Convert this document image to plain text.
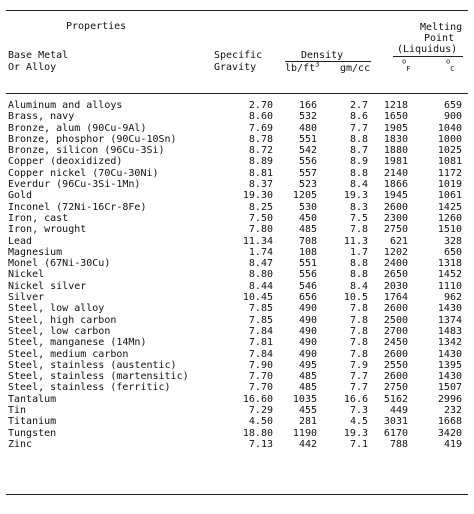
Properties
Base Metal
Or Alloy
Specific
Gravity
Density
$lb/ft^3$ gm/cc
Melting
Point
(Liquidus)
$^o_F$
$^o_C$
Aluminum and alloys	2.70	166	2.7	1218	659
Brass, navy	8.60	532	8.6	1650	900
Bronze, alum (90Cu-9Al)	7.69	480	7.7	1905	1040
Bronze, phosphor (90Cu-10Sn)	8.78	551	8.8	1830	1000
Bronze, silicon (96Cu-3Si)	8.72	542	8.7	1880	1025
Copper (deoxidized)	8.89	556	8.9	1981	1081
Copper nickel (70Cu-30Ni)	8.81	557	8.8	2140	1172
Everdur (96Cu-3Si-1Mn)	8.37	523	8.4	1866	1019
Gold	19.30	1205	19.3	1945	1061
Inconel (72Ni-16Cr-8Fe)	8.25	530	8.3	2600	1425
Iron, cast	7.50	450	7.5	2300	1260
Iron, wrought	7.80	485	7.8	2750	1510
Lead	11.34	708	11.3	621	328
Magnesium	1.74	108	1.7	1202	650
Monel (67Ni-30Cu)	8.47	551	8.8	2400	1318
Nickel	8.80	556	8.8	2650	1452
Nickel silver	8.44	546	8.4	2030	1110
Silver	10.45	656	10.5	1764	962
Steel, low alloy	7.85	490	7.8	2600	1430
Steel, high carbon	7.85	490	7.8	2500	1374
Steel, low carbon	7.84	490	7.8	2700	1483
Steel, manganese (14Mn)	7.81	490	7.8	2450	1342
Steel, medium carbon	7.84	490	7.8	2600	1430
Steel, stainless (austentic)	7.90	495	7.9	2550	1395
Steel, stainless (martensitic)	7.70	485	7.7	2600	1430
Steel, stainless (ferritic)	7.70	485	7.7	2750	1507
Tantalum	16.60	1035	16.6	5162	2996
Tin	7.29	455	7.3	449	232
Titanium	4.50	281	4.5	3031	1668
Tungsten	18.80	1190	19.3	6170	3420
Zinc	7.13	442	7.1	788	419
